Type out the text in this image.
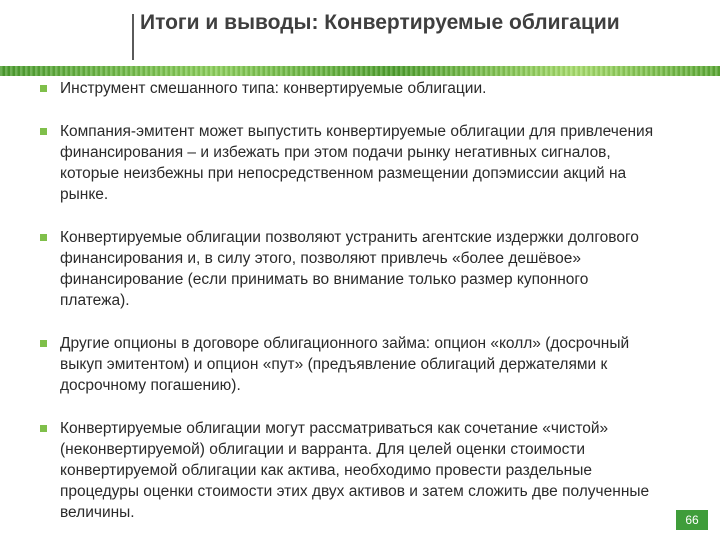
Итоги и выводы: Конвертируемые облигации
Инструмент смешанного типа: конвертируемые облигации.
Компания-эмитент может выпустить конвертируемые облигации для привлечения финансирования – и избежать при этом подачи рынку негативных сигналов, которые неизбежны при непосредственном размещении допэмиссии акций на рынке.
Конвертируемые облигации позволяют устранить агентские издержки долгового финансирования и, в силу этого, позволяют привлечь «более дешёвое» финансирование (если принимать во внимание только размер купонного платежа).
Другие опционы в договоре облигационного займа: опцион «колл» (досрочный выкуп эмитентом) и опцион «пут» (предъявление облигаций держателями к досрочному погашению).
Конвертируемые облигации могут рассматриваться как сочетание «чистой» (неконвертируемой) облигации и варранта. Для целей оценки стоимости конвертируемой облигации как актива, необходимо провести раздельные процедуры оценки стоимости этих двух активов и затем сложить две полученные величины.	66
